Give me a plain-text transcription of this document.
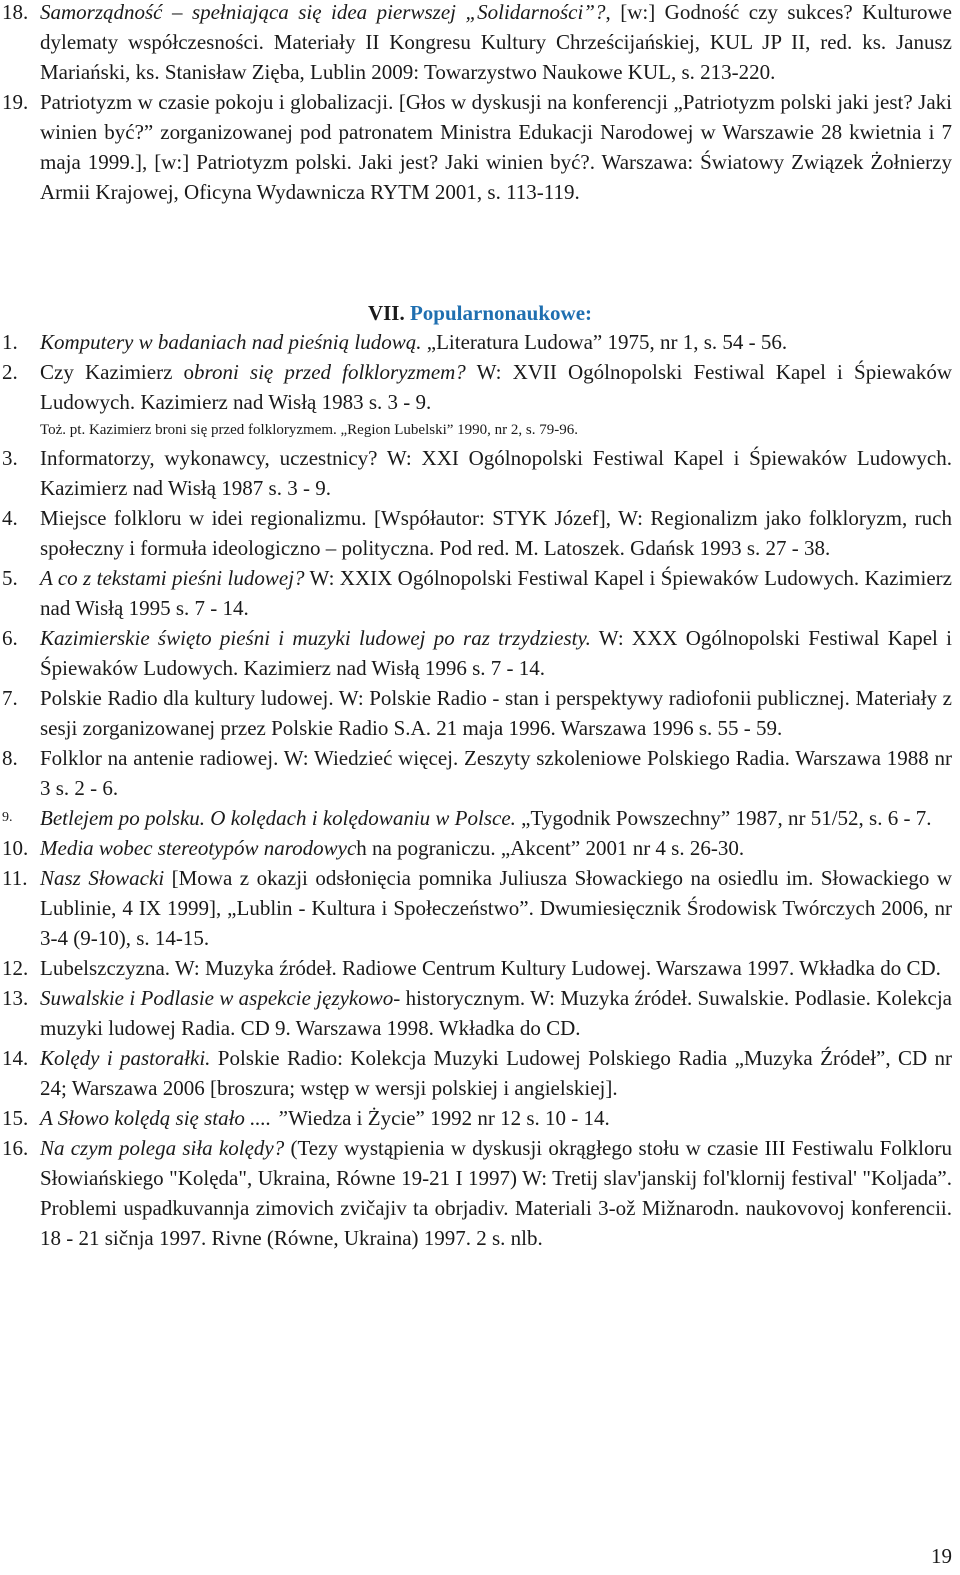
18. Samorządność – spełniająca się idea pierwszej „Solidarności”?, [w:] Godność czy sukces? Kulturowe dylematy współczesności. Materiały II Kongresu Kultury Chrześcijańskiej, KUL JP II, red. ks. Janusz Mariański, ks. Stanisław Zięba, Lublin 2009: Towarzystwo Naukowe KUL, s. 213-220.
19. Patriotyzm w czasie pokoju i globalizacji. [Głos w dyskusji na konferencji „Patriotyzm polski jaki jest? Jaki winien być?” zorganizowanej pod patronatem Ministra Edukacji Narodowej w Warszawie 28 kwietnia i 7 maja 1999.], [w:] Patriotyzm polski. Jaki jest? Jaki winien być?. Warszawa: Światowy Związek Żołnierzy Armii Krajowej, Oficyna Wydawnicza RYTM 2001, s. 113-119.
VII. Popularnonaukowe:
1. Komputery w badaniach nad pieśnią ludową. „Literatura Ludowa” 1975, nr 1, s. 54 - 56.
2. Czy Kazimierz obroni się przed folkloryzmem? W: XVII Ogólnopolski Festiwal Kapel i Śpiewaków Ludowych. Kazimierz nad Wisłą 1983 s. 3 - 9.

Toż. pt. Kazimierz broni się przed folkloryzmem. „Region Lubelski” 1990, nr 2, s. 79-96.

3. Informatorzy, wykonawcy, uczestnicy? W: XXI Ogólnopolski Festiwal Kapel i Śpiewaków Ludowych. Kazimierz nad Wisłą 1987 s. 3 - 9.
4. Miejsce folkloru w idei regionalizmu. [Współautor: STYK Józef], W: Regionalizm jako folkloryzm, ruch społeczny i formuła ideologiczno – polityczna. Pod red. M. Latoszek. Gdańsk 1993 s. 27 - 38.
5. A co z tekstami pieśni ludowej? W: XXIX Ogólnopolski Festiwal Kapel i Śpiewaków Ludowych. Kazimierz nad Wisłą 1995 s. 7 - 14.
6. Kazimierskie święto pieśni i muzyki ludowej po raz trzydziesty. W: XXX Ogólnopolski Festiwal Kapel i Śpiewaków Ludowych. Kazimierz nad Wisłą 1996 s. 7 - 14.
7. Polskie Radio dla kultury ludowej. W: Polskie Radio - stan i perspektywy radiofonii publicznej. Materiały z sesji zorganizowanej przez Polskie Radio S.A. 21 maja 1996. Warszawa 1996 s. 55 - 59.
8. Folklor na antenie radiowej. W: Wiedzieć więcej. Zeszyty szkoleniowe Polskiego Radia. Warszawa 1988 nr 3 s. 2 - 6.
9. Betlejem po polsku. O kolędach i kolędowaniu w Polsce. „Tygodnik Powszechny” 1987, nr 51/52, s. 6 - 7.
10. Media wobec stereotypów narodowych na pograniczu. „Akcent” 2001 nr 4 s. 26-30.
11. Nasz Słowacki [Mowa z okazji odsłonięcia pomnika Juliusza Słowackiego na osiedlu im. Słowackiego w Lublinie, 4 IX 1999], „Lublin - Kultura i Społeczeństwo”. Dwumiesięcznik Środowisk Twórczych 2006, nr 3-4 (9-10), s. 14-15.
12. Lubelszczyzna. W: Muzyka źródeł. Radiowe Centrum Kultury Ludowej. Warszawa 1997. Wkładka do CD.
13. Suwalskie i Podlasie w aspekcie językowo- historycznym. W: Muzyka źródeł. Suwalskie. Podlasie. Kolekcja muzyki ludowej Radia. CD 9. Warszawa 1998. Wkładka do CD.
14. Kolędy i pastorałki. Polskie Radio: Kolekcja Muzyki Ludowej Polskiego Radia „Muzyka Źródeł”, CD nr 24; Warszawa 2006 [broszura; wstęp w wersji polskiej i angielskiej].
15. A Słowo kolędą się stało .... ”Wiedza i Życie” 1992 nr 12 s. 10 - 14.
16. Na czym polega siła kolędy? (Tezy wystąpienia w dyskusji okrągłego stołu w czasie III Festiwalu Folkloru Słowiańskiego "Kolęda", Ukraina, Równe 19-21 I 1997) W: Tretij slav'janskij fol'klornij festival' "Koljada”. Problemi uspadkuvannja zimovich zvičajiv ta obrjadiv. Materiali 3-ož Mižnarodn. naukovovoj konferencii. 18 - 21 sičnja 1997. Rivne (Równe, Ukraina) 1997. 2 s. nlb.
19
